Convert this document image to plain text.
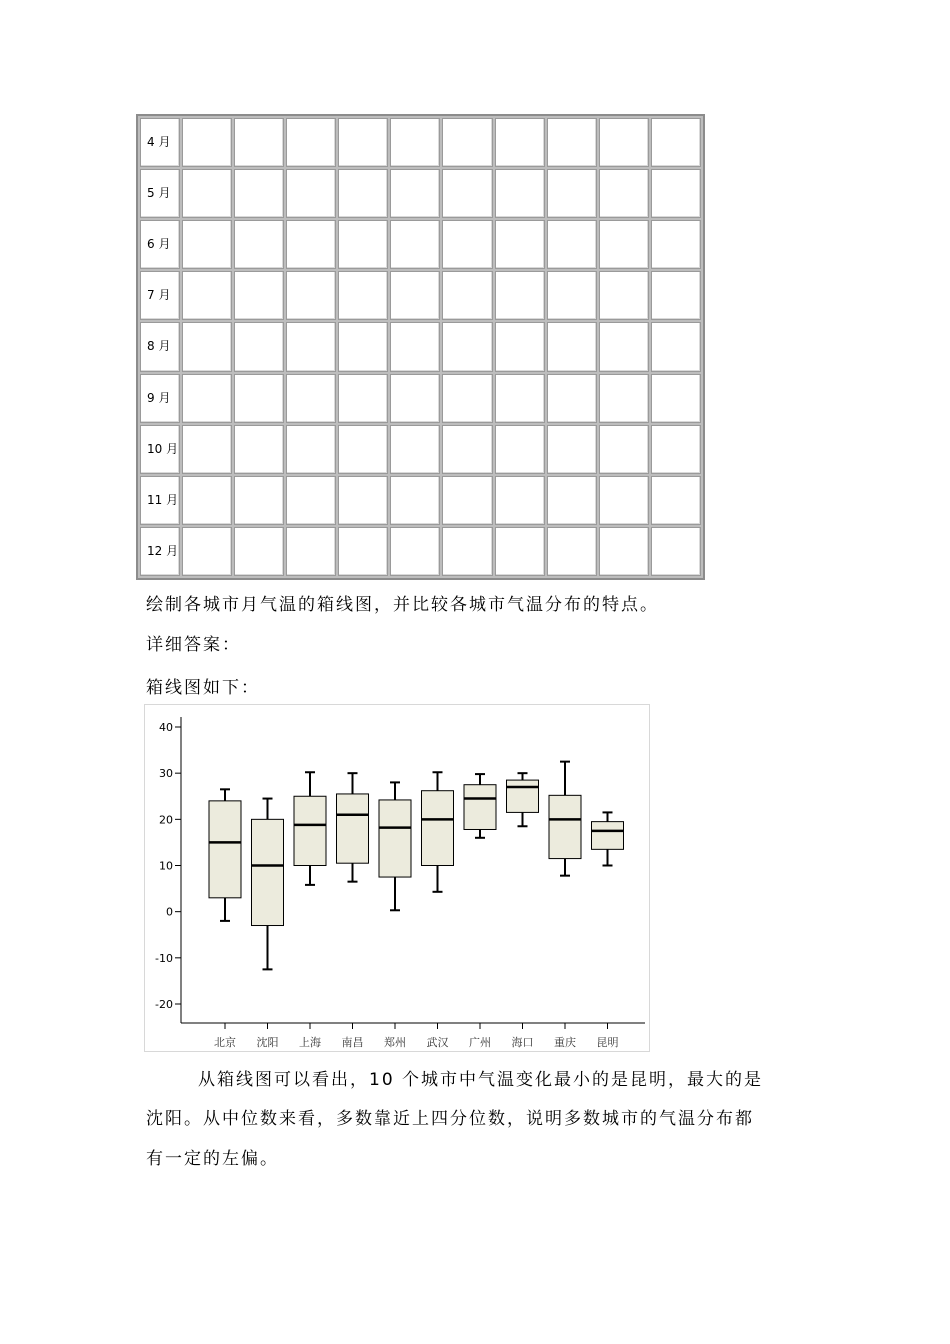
4 月										
5 月										
6 月										
7 月										
8 月										
9 月										
10 月										
11 月										
12 月										
绘制各城市月气温的箱线图，并比较各城市气温分布的特点。
详细答案：
箱线图如下：
40
30
20
10
0
-10
-20
北京 沈阳 上海 南昌 郑州 武汉 广州 海口 重庆 昆明
从箱线图可以看出，10 个城市中气温变化最小的是昆明，最大的是
沈阳。从中位数来看，多数靠近上四分位数，说明多数城市的气温分布都
有一定的左偏。
